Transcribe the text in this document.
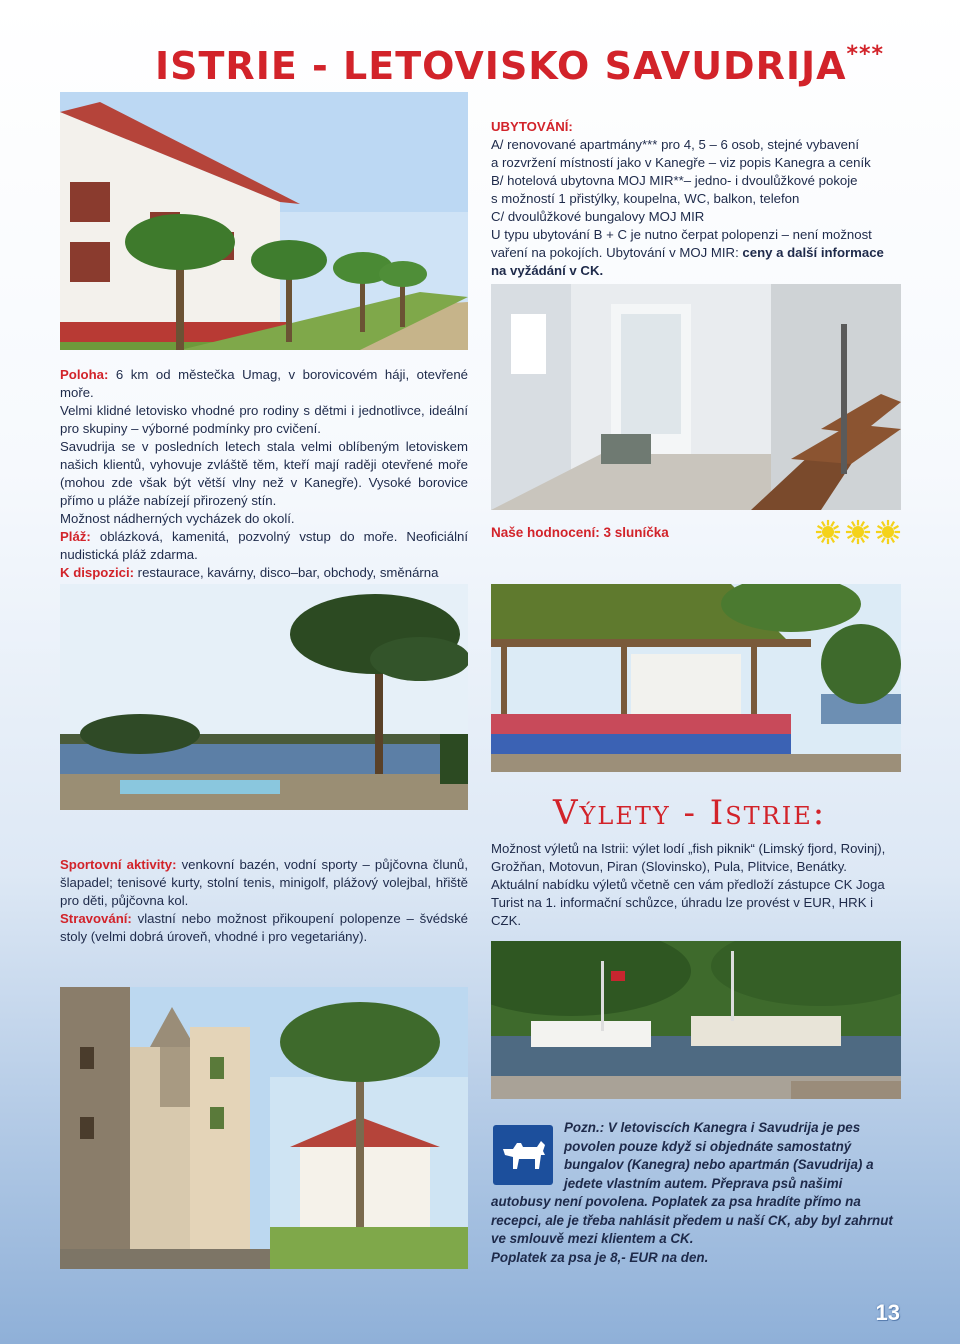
ISTRIE - LETOVISKO SAVUDRIJA***

UBYTOVÁNÍ:

A/ renovované apartmány*** pro 4, 5 – 6 osob, stejné vybavení

a rozvržení místností jako v Kanegře – viz popis Kanegra a ceník

B/ hotelová ubytovna MOJ MIR**– jedno- i dvoulůžkové pokoje

s možností 1 přistýlky, koupelna, WC, balkon, telefon

C/ dvoulůžkové bungalovy MOJ MIR

U typu ubytování B + C je nutno čerpat polopenzi – není možnost

vaření na pokojích. Ubytování v MOJ MIR: ceny a další informace na vyžádání v CK.

Poloha: 6 km od městečka Umag, v borovicovém háji, otevřené moře.

Velmi klidné letovisko vhodné pro rodiny s dětmi i jednotlivce, ideální pro skupiny – výborné podmínky pro cvičení.

Savudrija se v posledních letech stala velmi oblíbeným letoviskem našich klientů, vyhovuje zvláště těm, kteří mají raději otevřené moře (mohou zde však být větší vlny než v Kanegře). Vysoké borovice přímo u pláže nabízejí přirozený stín.

Možnost nádherných vycházek do okolí.

Pláž: oblázková, kamenitá, pozvolný vstup do moře. Neoficiální nudistická pláž zdarma.

K dispozici: restaurace, kavárny, disco–bar, obchody, směnárna

Naše hodnocení: 3 sluníčka
Výlety - Istrie:

Sportovní aktivity: venkovní bazén, vodní sporty – půjčovna člunů, šlapadel; tenisové kurty, stolní tenis, minigolf, plážový volejbal, hřiště pro děti, půjčovna kol.

Stravování: vlastní nebo možnost přikoupení polopenze – švédské stoly (velmi dobrá úroveň, vhodné i pro vegetariány).

Možnost výletů na Istrii: výlet lodí „fish piknik“ (Limský fjord, Rovinj), Grožňan, Motovun, Piran (Slovinsko), Pula, Plitvice, Benátky.

Aktuální nabídku výletů včetně cen vám předloží zástupce CK Joga Turist na 1. informační schůzce, úhradu lze provést v EUR, HRK i CZK.

Pozn.: V letoviscích Kanegra i Savudrija je pes povolen pouze když si objednáte samostatný bungalov (Kanegra) nebo apartmán (Savudrija) a jedete vlastním autem. Přeprava psů našimi autobusy není povolena. Poplatek za psa hradíte přímo na recepci, ale je třeba nahlásit předem u naší CK, aby byl zahrnut ve smlouvě mezi klientem a CK.
Poplatek za psa je 8,- EUR na den.
13
